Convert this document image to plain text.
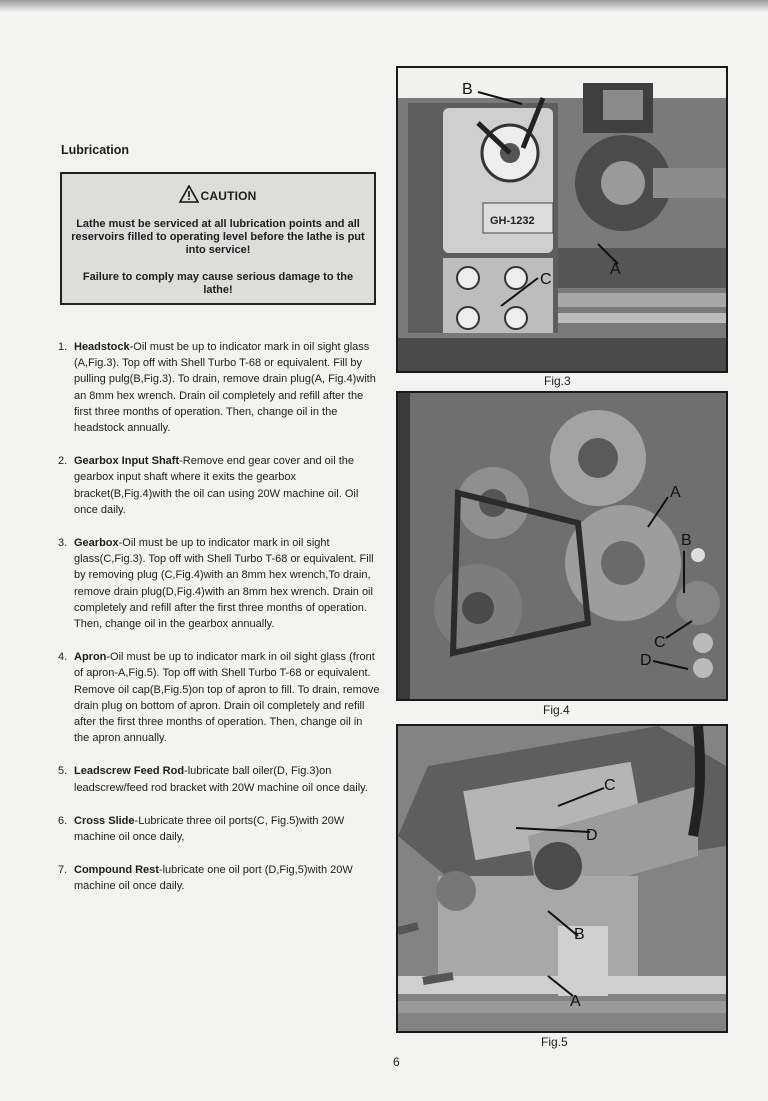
Lubrication
CAUTION
Lathe must be serviced at all lubrication points and all reservoirs filled to operating level before the lathe is put into service!
Failure to comply may cause serious damage to the lathe!
1. Headstock-Oil must be up to indicator mark in oil sight glass (A,Fig.3). Top off with Shell Turbo T-68 or equivalent. Fill by pulling pulg(B,Fig.3). To drain, remove drain plug(A, Fig.4)with an 8mm hex wrench. Drain oil completely and refill after the first three months of operation. Then, change oil in the headstock annually.
2. Gearbox Input Shaft-Remove end gear cover and oil the gearbox input shaft where it exits the gearbox bracket(B,Fig.4)with the oil can using 20W machine oil. Oil once daily.
3. Gearbox-Oil must be up to indicator mark in oil sight glass(C,Fig.3). Top off with Shell Turbo T-68 or equivalent. Fill by removing plug (C,Fig.4)with an 8mm hex wrench,To drain, remove drain plug(D,Fig.4)with an 8mm hex wrench. Drain oil completely and refill after the first three months of operation. Then, change oil in the gearbox annually.
4. Apron-Oil must be up to indicator mark in oil sight glass (front of apron-A,Fig.5). Top off with Shell Turbo T-68 or equivalent. Remove oil cap(B,Fig.5)on top of apron to fill. To drain, remove drain plug on bottom of apron. Drain oil completely and refill after the first three months of operation. Then, change oil in the apron annually.
5. Leadscrew Feed Rod-lubricate ball oiler(D, Fig.3)on leadscrew/feed rod bracket with 20W machine oil once daily.
6. Cross Slide-Lubricate three oil ports(C, Fig.5)with 20W machine oil once daily,
7. Compound Rest-lubricate one oil port (D,Fig,5)with 20W machine oil once daily.
GH-1232
B
C
A
Fig.3
A
B
C
D
Fig.4
C
D
B
A
Fig.5
6
